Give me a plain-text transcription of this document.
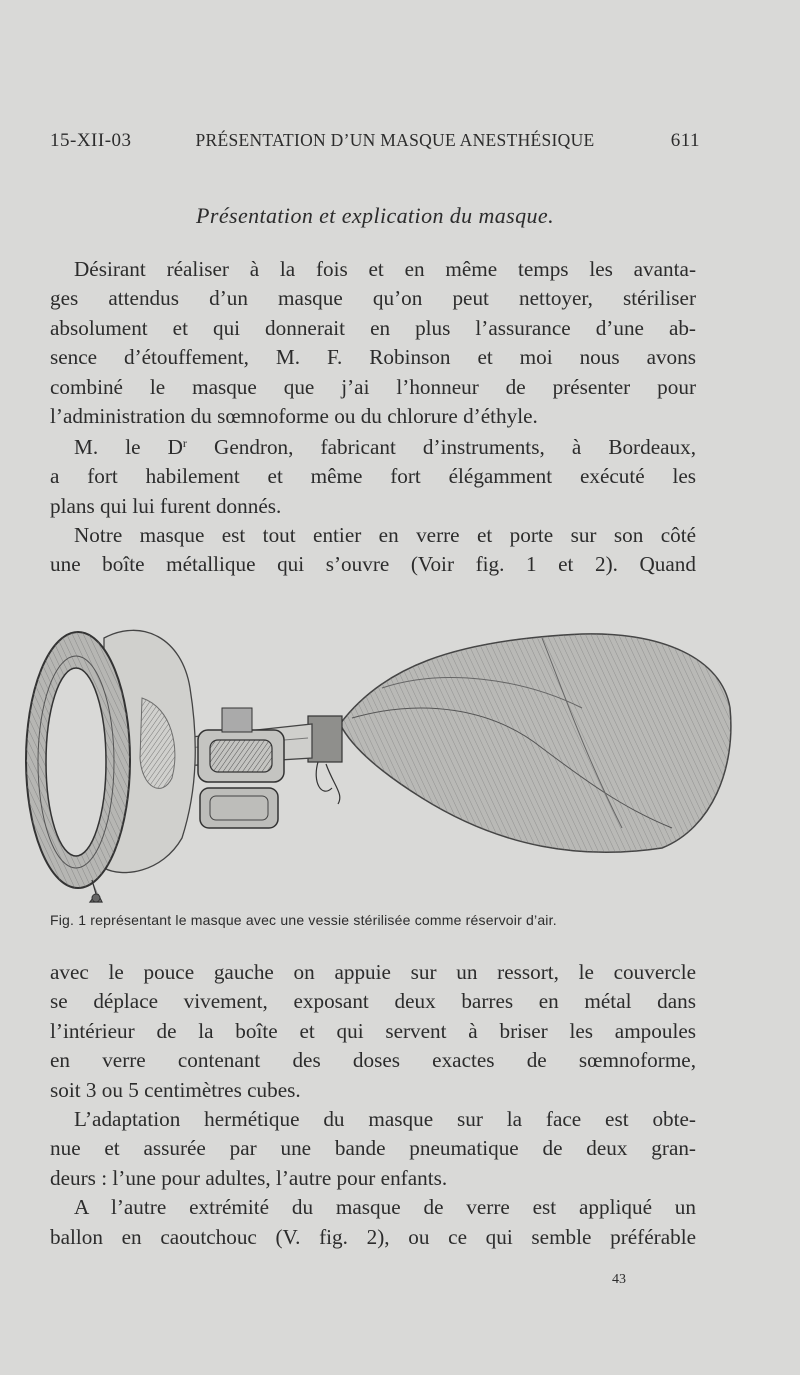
15-XII-03	PRÉSENTATION D’UN MASQUE ANESTHÉSIQUE	611
Présentation et explication du masque.
Désirant réaliser à la fois et en même temps les avanta-
ges attendus d’un masque qu’on peut nettoyer, stériliser
absolument et qui donnerait en plus l’assurance d’une ab-
sence d’étouffement, M. F. Robinson et moi nous avons
combiné le masque que j’ai l’honneur de présenter pour
l’administration du sœmnoforme ou du chlorure d’éthyle.
M. le $D^r$ Gendron, fabricant d’instruments, à Bordeaux,
a fort habilement et même fort élégamment exécuté les
plans qui lui furent donnés.
Notre masque est tout entier en verre et porte sur son côté
une boîte métallique qui s’ouvre (Voir fig. 1 et 2). Quand
Fig. 1 représentant le masque avec une vessie stérilisée comme réservoir d’air.
avec le pouce gauche on appuie sur un ressort, le couvercle
se déplace vivement, exposant deux barres en métal dans
l’intérieur de la boîte et qui servent à briser les ampoules
en verre contenant des doses exactes de sœmnoforme,
soit 3 ou 5 centimètres cubes.
L’adaptation hermétique du masque sur la face est obte-
nue et assurée par une bande pneumatique de deux gran-
deurs : l’une pour adultes, l’autre pour enfants.
A l’autre extrémité du masque de verre est appliqué un
ballon en caoutchouc (V. fig. 2), ou ce qui semble préférable
43
